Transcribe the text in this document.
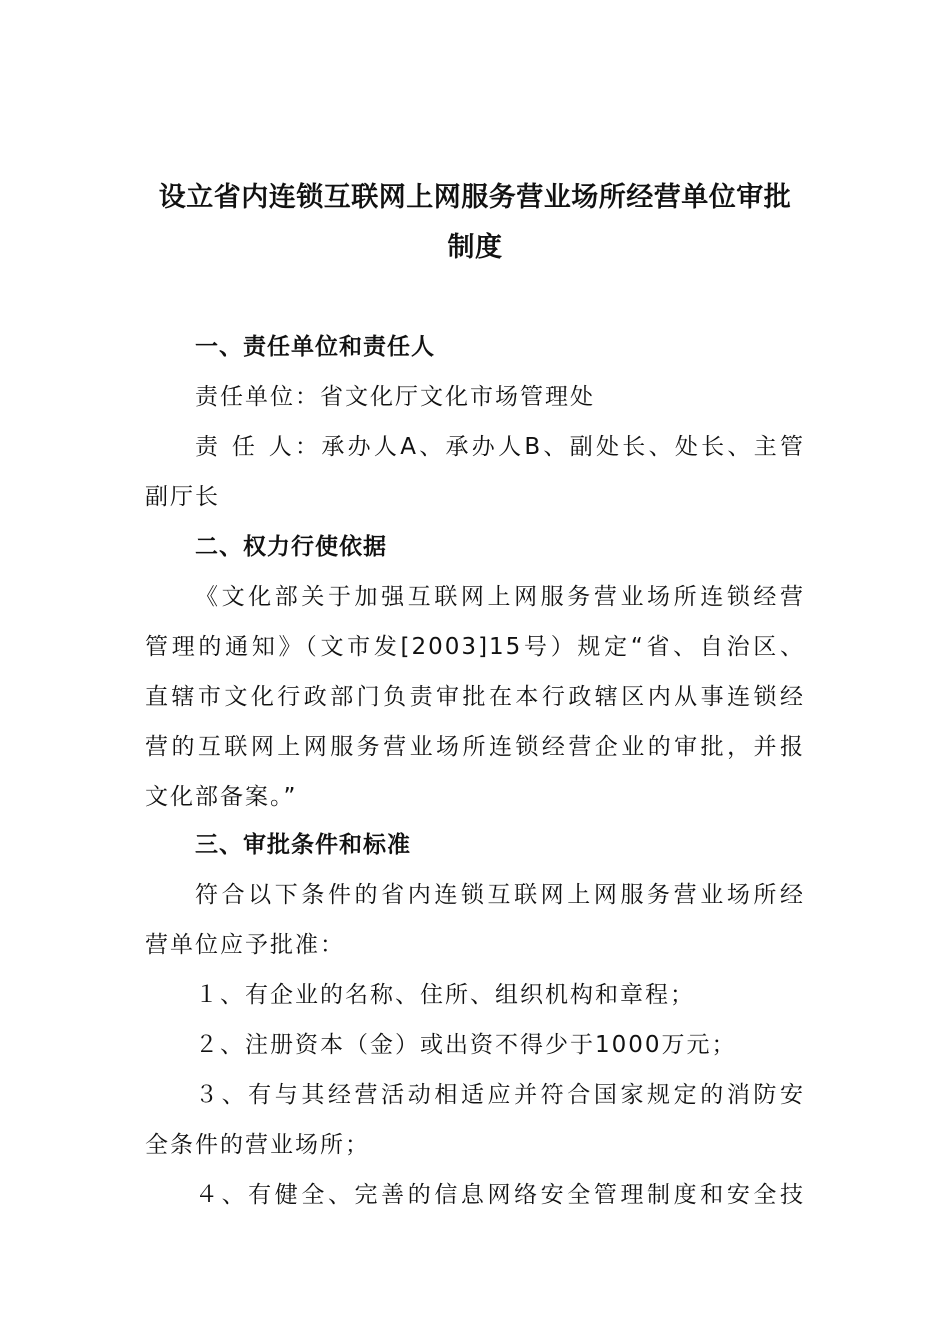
设立省内连锁互联网上网服务营业场所经营单位审批
制度
一、责任单位和责任人
责任单位：省文化厅文化市场管理处
责 任 人：承办人A、承办人B、副处长、处长、主管
副厅长
二、权力行使依据
《文化部关于加强互联网上网服务营业场所连锁经营
管理的通知》（文市发[2003]15号）规定“省、自治区、
直辖市文化行政部门负责审批在本行政辖区内从事连锁经
营的互联网上网服务营业场所连锁经营企业的审批，并报
文化部备案。”
三、审批条件和标准
符合以下条件的省内连锁互联网上网服务营业场所经
营单位应予批准：
１、有企业的名称、住所、组织机构和章程；
２、注册资本（金）或出资不得少于1000万元；
３、有与其经营活动相适应并符合国家规定的消防安
全条件的营业场所；
４、有健全、完善的信息网络安全管理制度和安全技
